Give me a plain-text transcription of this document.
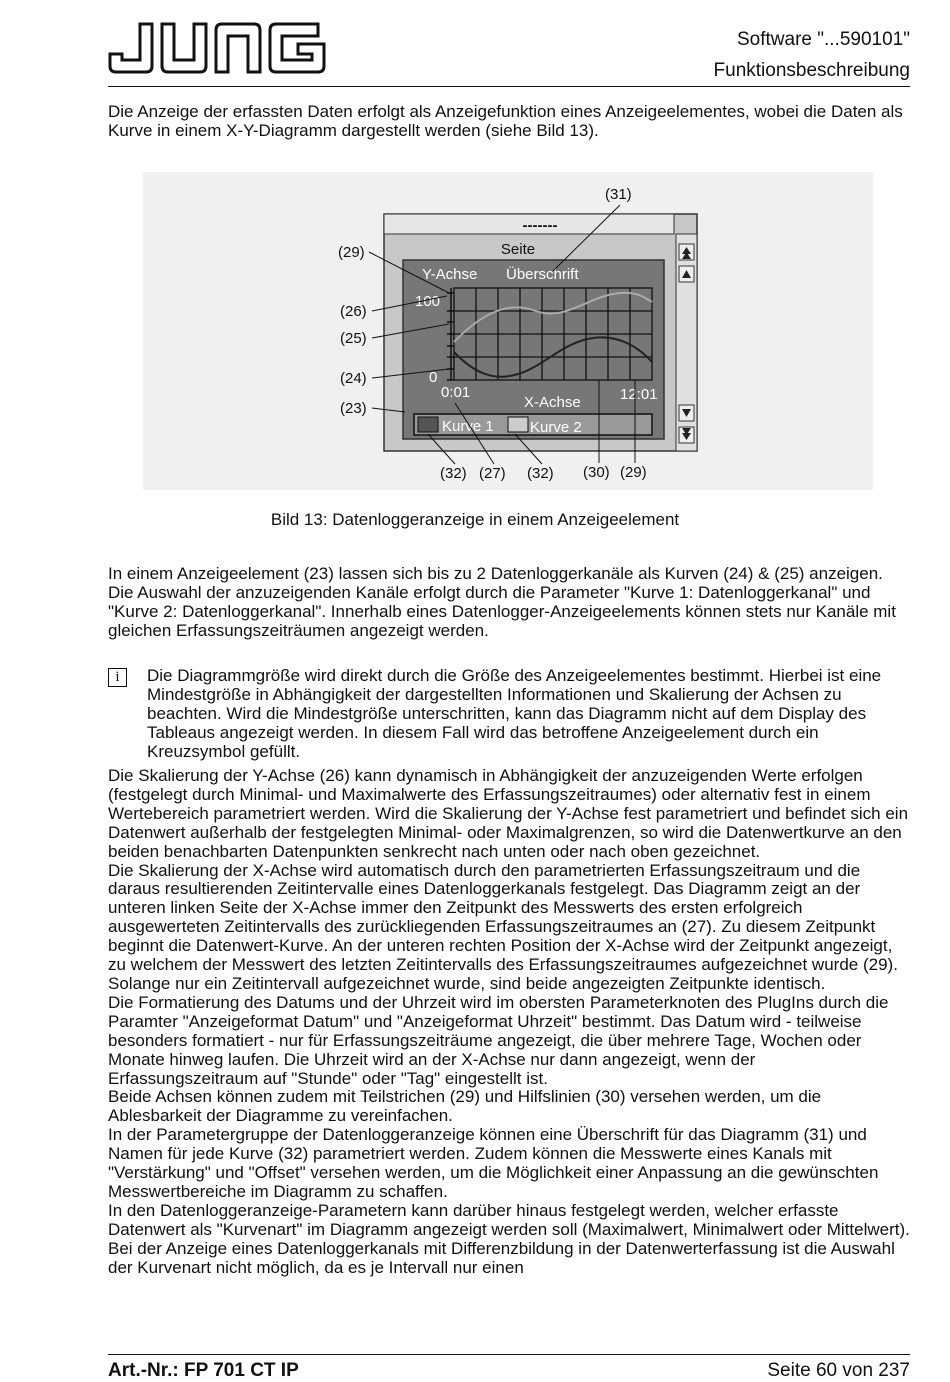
Software "...590101"
Funktionsbeschreibung
Die Anzeige der erfassten Daten erfolgt als Anzeigefunktion eines Anzeigeelementes, wobei die Daten als Kurve in einem X-Y-Diagramm dargestellt werden (siehe Bild 13).
-------
Seite
Y-Achse Überschrift
100
0
0:01
X-Achse	12:01
Kurve 1 Kurve 2
(31)
(29)
(26)
(25)
(24)
(23)
(32) (27) (32) (30) (29)
Bild 13: Datenloggeranzeige in einem Anzeigeelement
In einem Anzeigeelement (23) lassen sich bis zu 2 Datenloggerkanäle als Kurven (24) & (25) anzeigen. Die Auswahl der anzuzeigenden Kanäle erfolgt durch die Parameter "Kurve 1: Datenloggerkanal" und "Kurve 2: Datenloggerkanal". Innerhalb eines Datenlogger-Anzeigeelements können stets nur Kanäle mit gleichen Erfassungszeiträumen angezeigt werden.
i	Die Diagrammgröße wird direkt durch die Größe des Anzeigeelementes bestimmt. Hierbei ist eine Mindestgröße in Abhängigkeit der dargestellten Informationen und Skalierung der Achsen zu beachten. Wird die Mindestgröße unterschritten, kann das Diagramm nicht auf dem Display des Tableaus angezeigt werden. In diesem Fall wird das betroffene Anzeigeelement durch ein Kreuzsymbol gefüllt.
Die Skalierung der Y-Achse (26) kann dynamisch in Abhängigkeit der anzuzeigenden Werte erfolgen (festgelegt durch Minimal- und Maximalwerte des Erfassungszeitraumes) oder alternativ fest in einem Wertebereich parametriert werden. Wird die Skalierung der Y-Achse fest parametriert und befindet sich ein Datenwert außerhalb der festgelegten Minimal- oder Maximalgrenzen, so wird die Datenwertkurve an den beiden benachbarten Datenpunkten senkrecht nach unten oder nach oben gezeichnet.
Die Skalierung der X-Achse wird automatisch durch den parametrierten Erfassungszeitraum und die daraus resultierenden Zeitintervalle eines Datenloggerkanals festgelegt. Das Diagramm zeigt an der unteren linken Seite der X-Achse immer den Zeitpunkt des Messwerts des ersten erfolgreich ausgewerteten Zeitintervalls des zurückliegenden Erfassungszeitraumes an (27). Zu diesem Zeitpunkt beginnt die Datenwert-Kurve. An der unteren rechten Position der X-Achse wird der Zeitpunkt angezeigt, zu welchem der Messwert des letzten Zeitintervalls des Erfassungszeitraumes aufgezeichnet wurde (29). Solange nur ein Zeitintervall aufgezeichnet wurde, sind beide angezeigten Zeitpunkte identisch.
Die Formatierung des Datums und der Uhrzeit wird im obersten Parameterknoten des PlugIns durch die Paramter "Anzeigeformat Datum" und "Anzeigeformat Uhrzeit" bestimmt. Das Datum wird - teilweise besonders formatiert - nur für Erfassungszeiträume angezeigt, die über mehrere Tage, Wochen oder Monate hinweg laufen. Die Uhrzeit wird an der X-Achse nur dann angezeigt, wenn der Erfassungszeitraum auf "Stunde" oder "Tag" eingestellt ist.
Beide Achsen können zudem mit Teilstrichen (29) und Hilfslinien (30) versehen werden, um die Ablesbarkeit der Diagramme zu vereinfachen.
In der Parametergruppe der Datenloggeranzeige können eine Überschrift für das Diagramm (31) und Namen für jede Kurve (32) parametriert werden. Zudem können die Messwerte eines Kanals mit "Verstärkung" und "Offset" versehen werden, um die Möglichkeit einer Anpassung an die gewünschten Messwertbereiche im Diagramm zu schaffen.
In den Datenloggeranzeige-Parametern kann darüber hinaus festgelegt werden, welcher erfasste Datenwert als "Kurvenart" im Diagramm angezeigt werden soll (Maximalwert, Minimalwert oder Mittelwert). Bei der Anzeige eines Datenloggerkanals mit Differenzbildung in der Datenwerterfassung ist die Auswahl der Kurvenart nicht möglich, da es je Intervall nur einen
Art.-Nr.: FP 701 CT IP	Seite 60 von 237
